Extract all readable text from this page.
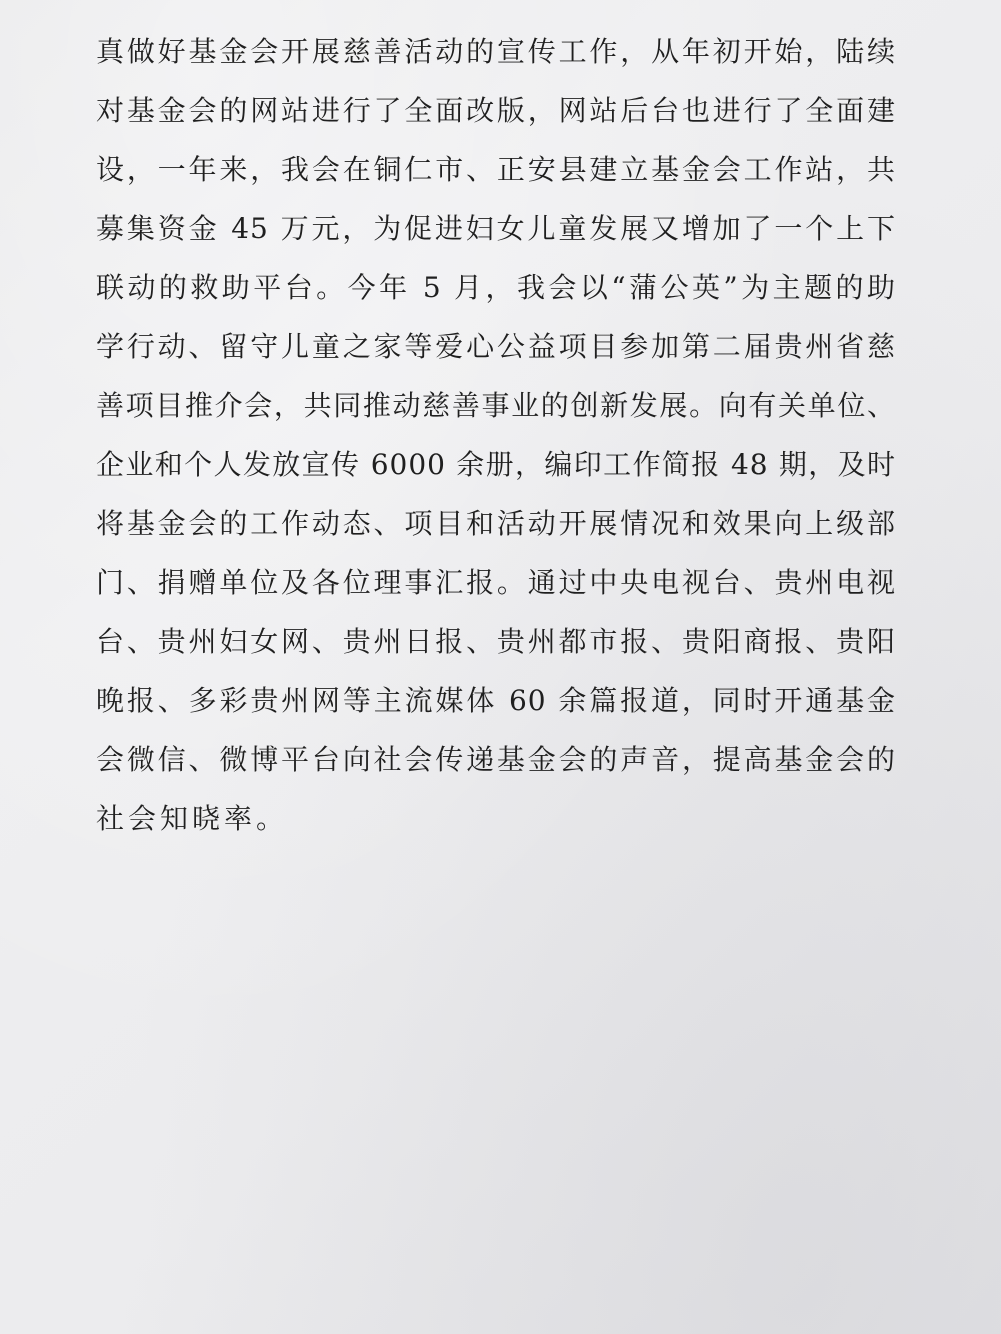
真做好基金会开展慈善活动的宣传工作，从年初开始，陆续
对基金会的网站进行了全面改版，网站后台也进行了全面建
设，一年来，我会在铜仁市、正安县建立基金会工作站，共
募集资金 45 万元，为促进妇女儿童发展又增加了一个上下
联动的救助平台。今年 5 月，我会以“蒲公英”为主题的助
学行动、留守儿童之家等爱心公益项目参加第二届贵州省慈
善项目推介会，共同推动慈善事业的创新发展。向有关单位、
企业和个人发放宣传 6000 余册，编印工作简报 48 期，及时
将基金会的工作动态、项目和活动开展情况和效果向上级部
门、捐赠单位及各位理事汇报。通过中央电视台、贵州电视
台、贵州妇女网、贵州日报、贵州都市报、贵阳商报、贵阳
晚报、多彩贵州网等主流媒体 60 余篇报道，同时开通基金
会微信、微博平台向社会传递基金会的声音，提高基金会的
社会知晓率。
